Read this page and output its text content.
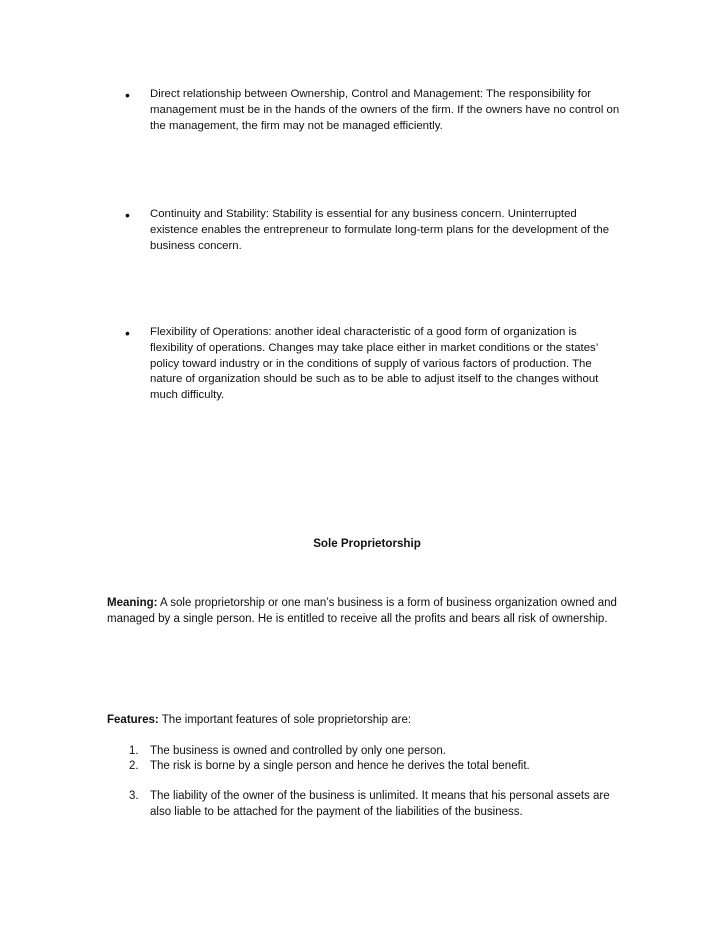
•	Direct relationship between Ownership, Control and Management: The responsibility for management must be in the hands of the owners of the firm. If the owners have no control on the management, the firm may not be managed efficiently.
•	Continuity and Stability: Stability is essential for any business concern. Uninterrupted existence enables the entrepreneur to formulate long-term plans for the development of the business concern.
•	Flexibility of Operations: another ideal characteristic of a good form of organization is flexibility of operations. Changes may take place either in market conditions or the states’ policy toward industry or in the conditions of supply of various factors of production. The nature of organization should be such as to be able to adjust itself to the changes without much difficulty.
Sole Proprietorship
Meaning: A sole proprietorship or one man’s business is a form of business organization owned and managed by a single person. He is entitled to receive all the profits and bears all risk of ownership.
Features: The important features of sole proprietorship are:
1. The business is owned and controlled by only one person.
2. The risk is borne by a single person and hence he derives the total benefit.
3. The liability of the owner of the business is unlimited. It means that his personal assets are also liable to be attached for the payment of the liabilities of the business.
